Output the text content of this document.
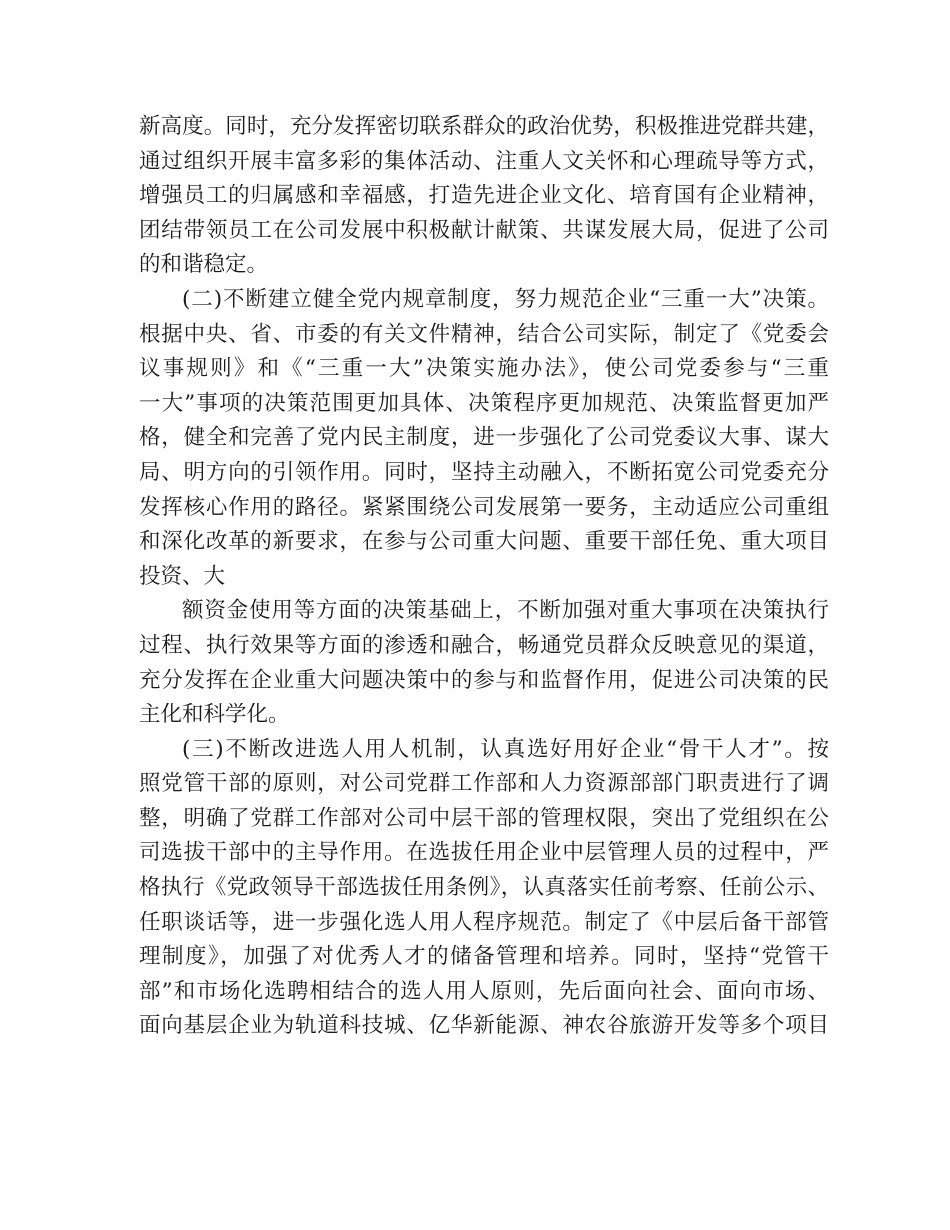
新高度。同时，充分发挥密切联系群众的政治优势，积极推进党群共建，
通过组织开展丰富多彩的集体活动、注重人文关怀和心理疏导等方式，
增强员工的归属感和幸福感，打造先进企业文化、培育国有企业精神，
团结带领员工在公司发展中积极献计献策、共谋发展大局，促进了公司
的和谐稳定。
(二)不断建立健全党内规章制度，努力规范企业“三重一大”决策。
根据中央、省、市委的有关文件精神，结合公司实际，制定了《党委会
议事规则》和《“三重一大”决策实施办法》，使公司党委参与“三重
一大”事项的决策范围更加具体、决策程序更加规范、决策监督更加严
格，健全和完善了党内民主制度，进一步强化了公司党委议大事、谋大
局、明方向的引领作用。同时，坚持主动融入，不断拓宽公司党委充分
发挥核心作用的路径。紧紧围绕公司发展第一要务，主动适应公司重组
和深化改革的新要求，在参与公司重大问题、重要干部任免、重大项目
投资、大
额资金使用等方面的决策基础上，不断加强对重大事项在决策执行
过程、执行效果等方面的渗透和融合，畅通党员群众反映意见的渠道，
充分发挥在企业重大问题决策中的参与和监督作用，促进公司决策的民
主化和科学化。
(三)不断改进选人用人机制，认真选好用好企业“骨干人才”。按
照党管干部的原则，对公司党群工作部和人力资源部部门职责进行了调
整，明确了党群工作部对公司中层干部的管理权限，突出了党组织在公
司选拔干部中的主导作用。在选拔任用企业中层管理人员的过程中，严
格执行《党政领导干部选拔任用条例》，认真落实任前考察、任前公示、
任职谈话等，进一步强化选人用人程序规范。制定了《中层后备干部管
理制度》，加强了对优秀人才的储备管理和培养。同时，坚持“党管干
部”和市场化选聘相结合的选人用人原则，先后面向社会、面向市场、
面向基层企业为轨道科技城、亿华新能源、神农谷旅游开发等多个项目
